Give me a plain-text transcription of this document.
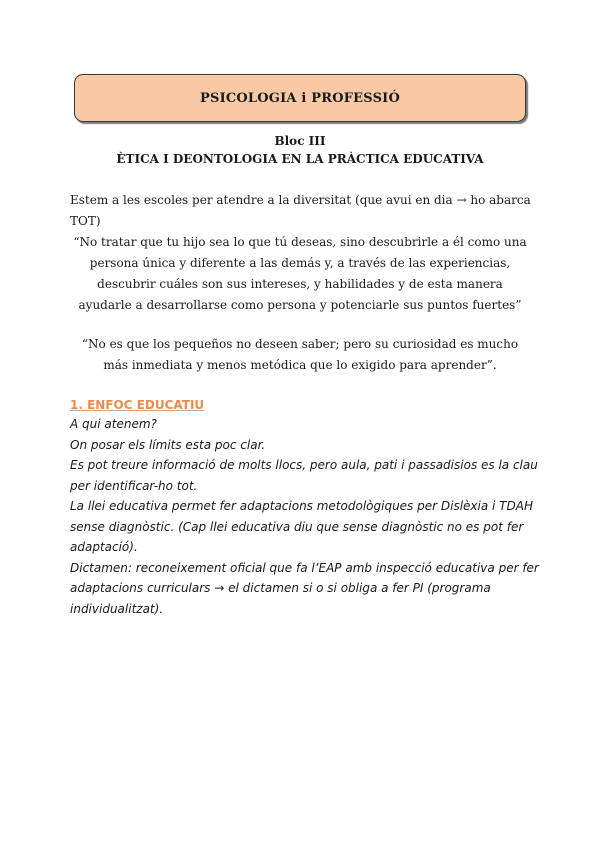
PSICOLOGIA i PROFESSIÓ
Bloc III
ÈTICA I DEONTOLOGIA EN LA PRÀCTICA EDUCATIVA
Estem a les escoles per atendre a la diversitat (que avui en dia → ho abarca TOT)
“No tratar que tu hijo sea lo que tú deseas, sino descubrirle a él como una persona única y diferente a las demás y, a través de las experiencias, descubrir cuáles son sus intereses, y habilidades y de esta manera ayudarle a desarrollarse como persona y potenciarle sus puntos fuertes”
“No es que los pequeños no deseen saber; pero su curiosidad es mucho más inmediata y menos metódica que lo exigido para aprender”.
1. ENFOC EDUCATIU
A qui atenem?
On posar els límits esta poc clar.
Es pot treure informació de molts llocs, pero aula, pati i passadisios es la clau per identificar-ho tot.
La llei educativa permet fer adaptacions metodològiques per Dislèxia i TDAH sense diagnòstic. (Cap llei educativa diu que sense diagnòstic no es pot fer adaptació).
Dictamen: reconeixement oficial que fa l’EAP amb inspecció educativa per fer adaptacions curriculars → el dictamen si o si obliga a fer PI (programa individualitzat).
